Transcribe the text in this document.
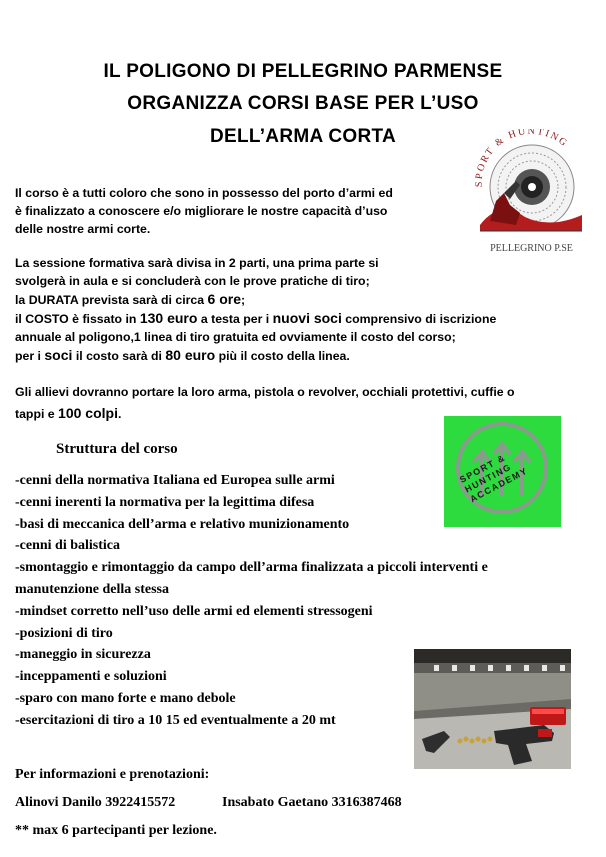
IL POLIGONO DI PELLEGRINO PARMENSE
ORGANIZZA CORSI BASE PER L’USO
DELL’ARMA CORTA
SPORT & HUNTING
PELLEGRINO P.SE
Il corso è a tutti coloro che sono in possesso del porto d’armi ed
è finalizzato a conoscere e/o migliorare le nostre capacità d’uso
delle nostre armi corte.
La sessione formativa sarà divisa in 2 parti, una prima parte si
svolgerà in aula e si concluderà con le prove pratiche di tiro;
la DURATA prevista sarà di circa 6 ore;
il COSTO è fissato in 130 euro a testa per i nuovi soci comprensivo di iscrizione
annuale al poligono,1 linea di tiro gratuita ed ovviamente il costo del corso;
per i soci il costo sarà di 80 euro più il costo della linea.
Gli allievi dovranno portare la loro arma, pistola o revolver, occhiali protettivi, cuffie o
tappi e 100 colpi.
SPORT & HUNTING ACCADEMY
Struttura del corso
-cenni della normativa Italiana ed Europea sulle armi
-cenni inerenti la normativa per la legittima difesa
-basi di meccanica dell’arma e relativo munizionamento
-cenni di balistica
-smontaggio e rimontaggio da campo dell’arma finalizzata a piccoli interventi e
manutenzione della stessa
-mindset corretto nell’uso delle armi ed elementi stressogeni
-posizioni di tiro
-maneggio in sicurezza
-inceppamenti e soluzioni
-sparo con mano forte e mano debole
-esercitazioni di tiro a 10 15 ed eventualmente a 20 mt
Per informazioni e prenotazioni:
Alinovi Danilo 3922415572	Insabato Gaetano 3316387468
** max 6 partecipanti per lezione.
